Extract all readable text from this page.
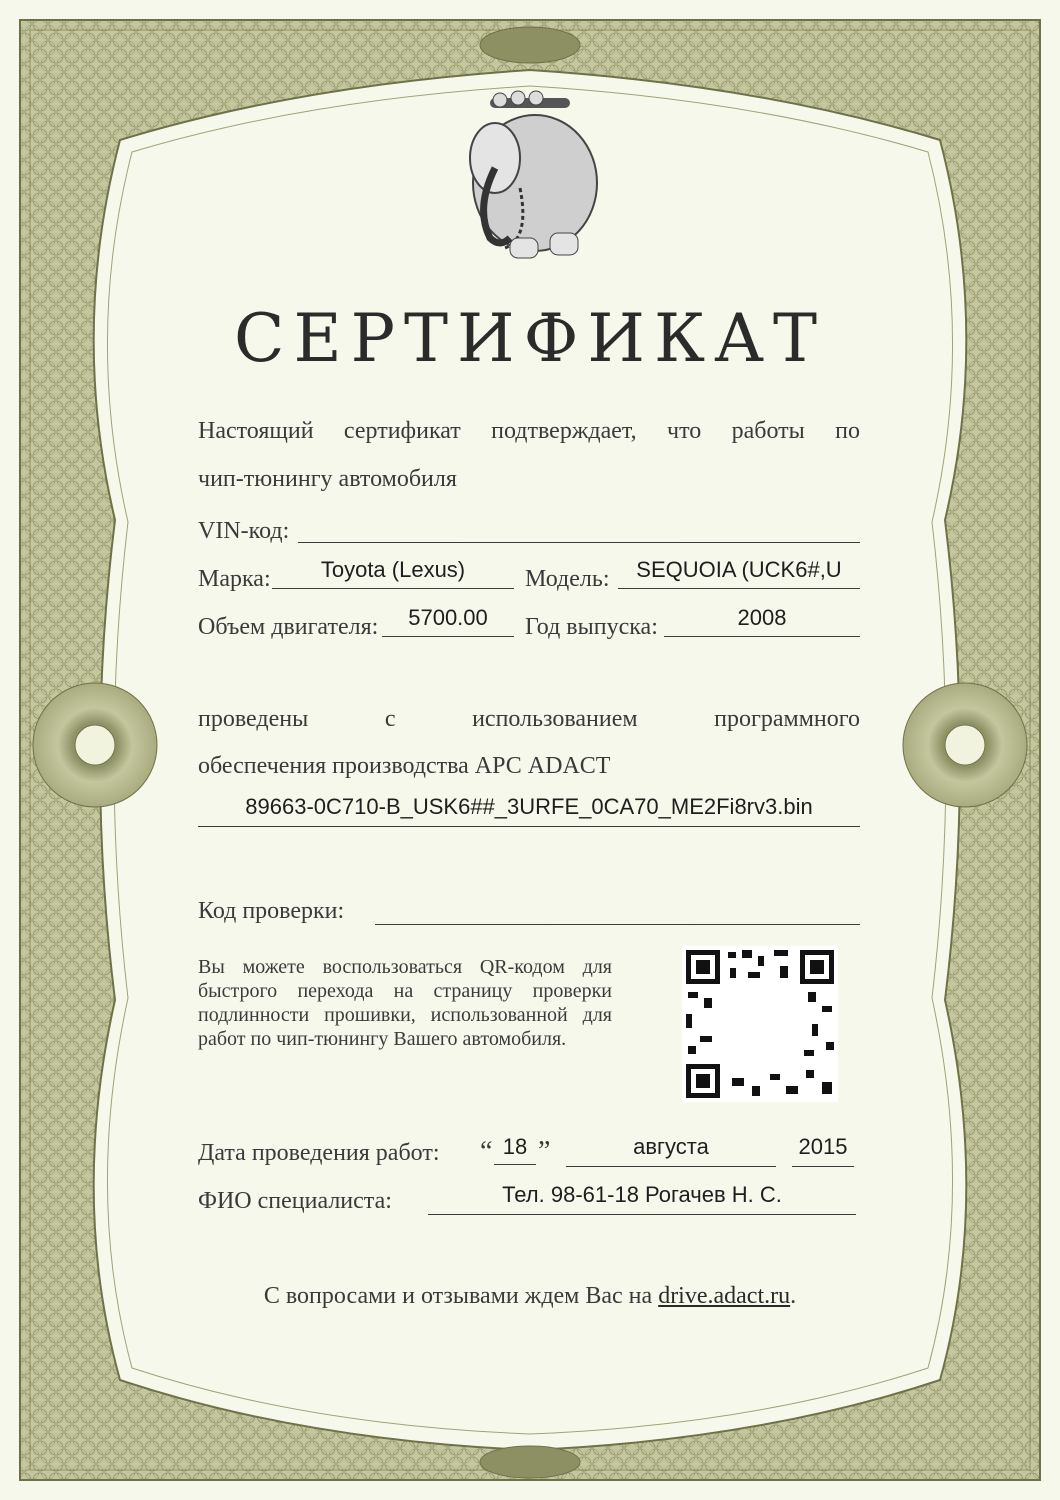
СЕРТИФИКАТ
Настоящий сертификат подтверждает, что работы по
чип-тюнингу автомобиля
VIN-код:
Марка:	Toyota (Lexus)	Модель:	SEQUOIA (UCK6#,U
Объем двигателя:	5700.00	Год выпуска:	2008
проведены	с	использованием	программного
обеспечения производства АРС ADACT
89663-0C710-B_USK6##_3URFE_0CA70_ME2Fi8rv3.bin
Код проверки:
Вы можете воспользоваться QR-кодом для быстрого перехода на страницу проверки подлинности прошивки, использованной для работ по чип-тюнингу Вашего автомобиля.
Дата проведения работ: “ 18 ”	августа	2015
ФИО специалиста:	Тел. 98-61-18 Рогачев Н. С.
С вопросами и отзывами ждем Вас на drive.adact.ru.
